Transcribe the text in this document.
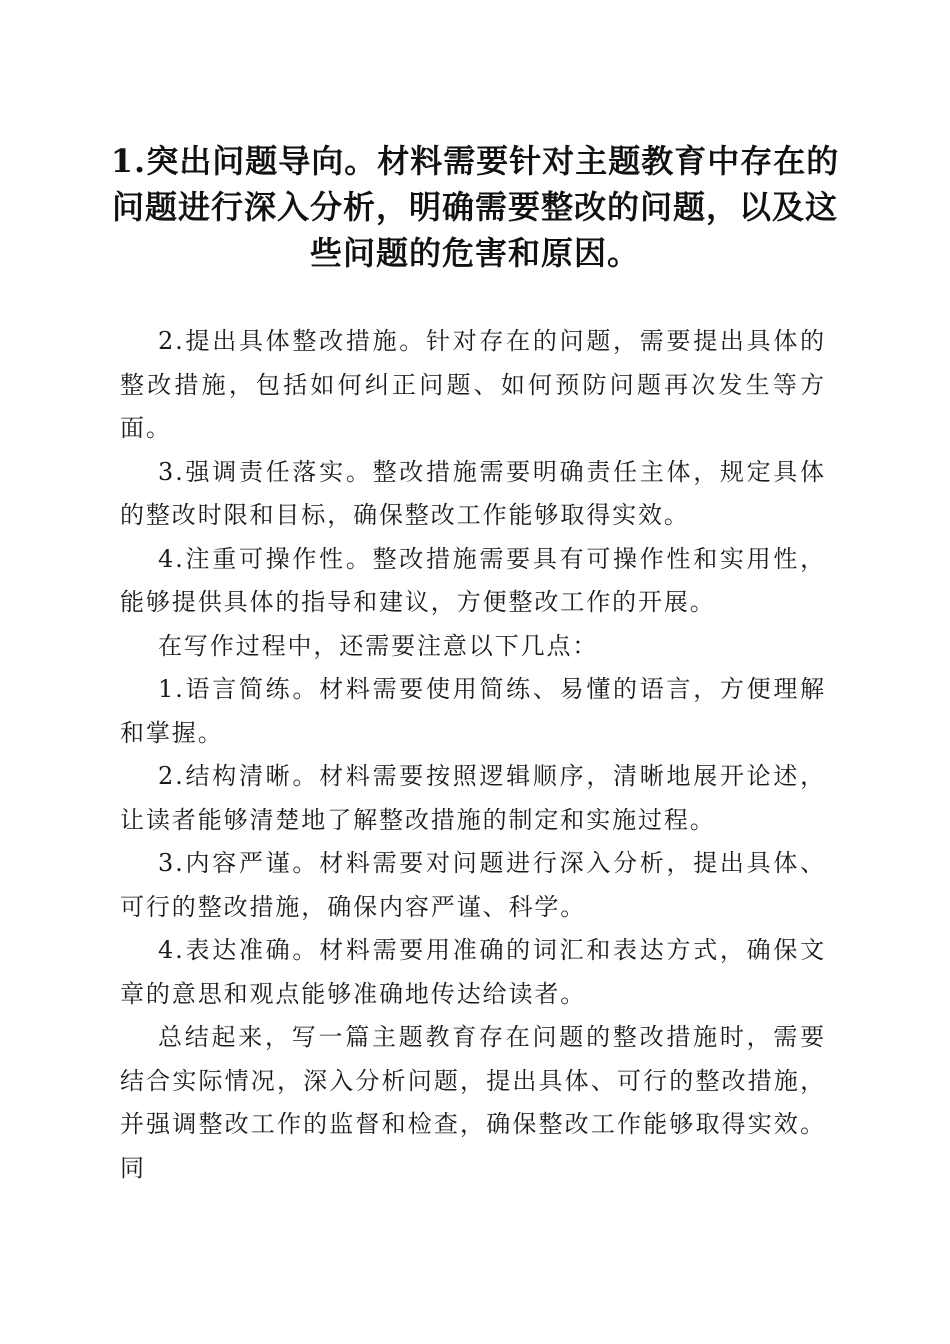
1.突出问题导向。材料需要针对主题教育中存在的问题进行深入分析，明确需要整改的问题，以及这些问题的危害和原因。

2.提出具体整改措施。针对存在的问题，需要提出具体的整改措施，包括如何纠正问题、如何预防问题再次发生等方面。

3.强调责任落实。整改措施需要明确责任主体，规定具体的整改时限和目标，确保整改工作能够取得实效。

4.注重可操作性。整改措施需要具有可操作性和实用性，能够提供具体的指导和建议，方便整改工作的开展。

在写作过程中，还需要注意以下几点：

1.语言简练。材料需要使用简练、易懂的语言，方便理解和掌握。

2.结构清晰。材料需要按照逻辑顺序，清晰地展开论述，让读者能够清楚地了解整改措施的制定和实施过程。

3.内容严谨。材料需要对问题进行深入分析，提出具体、可行的整改措施，确保内容严谨、科学。

4.表达准确。材料需要用准确的词汇和表达方式，确保文章的意思和观点能够准确地传达给读者。

总结起来，写一篇主题教育存在问题的整改措施时，需要结合实际情况，深入分析问题，提出具体、可行的整改措施，并强调整改工作的监督和检查，确保整改工作能够取得实效。同
